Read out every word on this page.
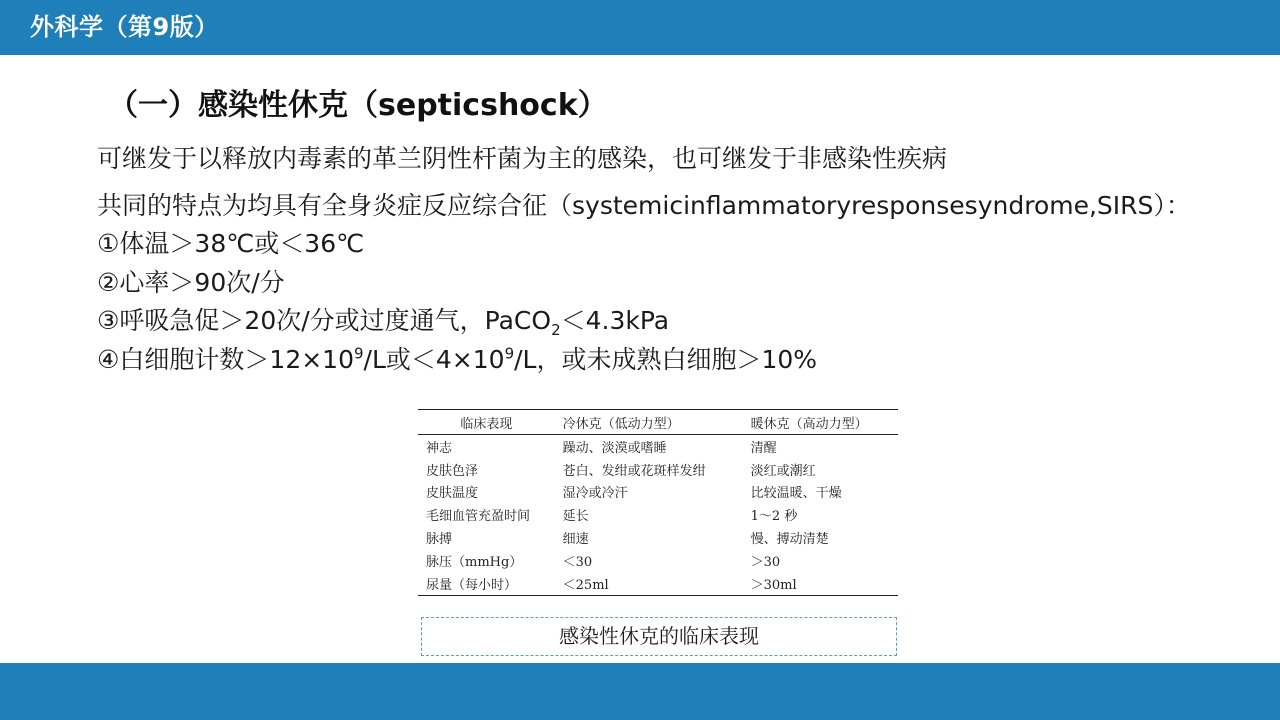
外科学（第9版）
（一）感染性休克（septicshock）
可继发于以释放内毒素的革兰阴性杆菌为主的感染，也可继发于非感染性疾病
共同的特点为均具有全身炎症反应综合征（systemicinflammatoryresponsesyndrome,SIRS）：
①体温＞38℃或＜36℃
②心率＞90次/分
③呼吸急促＞20次/分或过度通气，PaCO$_2$＜4.3kPa
④白细胞计数$>12\times 10^9/L$或$<4\times 10^9/L$，或未成熟白细胞＞10%
临床表现	冷休克（低动力型）	暖休克（高动力型）
神志	躁动、淡漠或嗜睡	清醒
皮肤色泽	苍白、发绀或花斑样发绀	淡红或潮红
皮肤温度	湿冷或冷汗	比较温暖、干燥
毛细血管充盈时间	延长	1～2 秒
脉搏	细速	慢、搏动清楚
脉压（mmHg）	＜30	＞30
尿量（每小时）	＜25ml	＞30ml
感染性休克的临床表现
